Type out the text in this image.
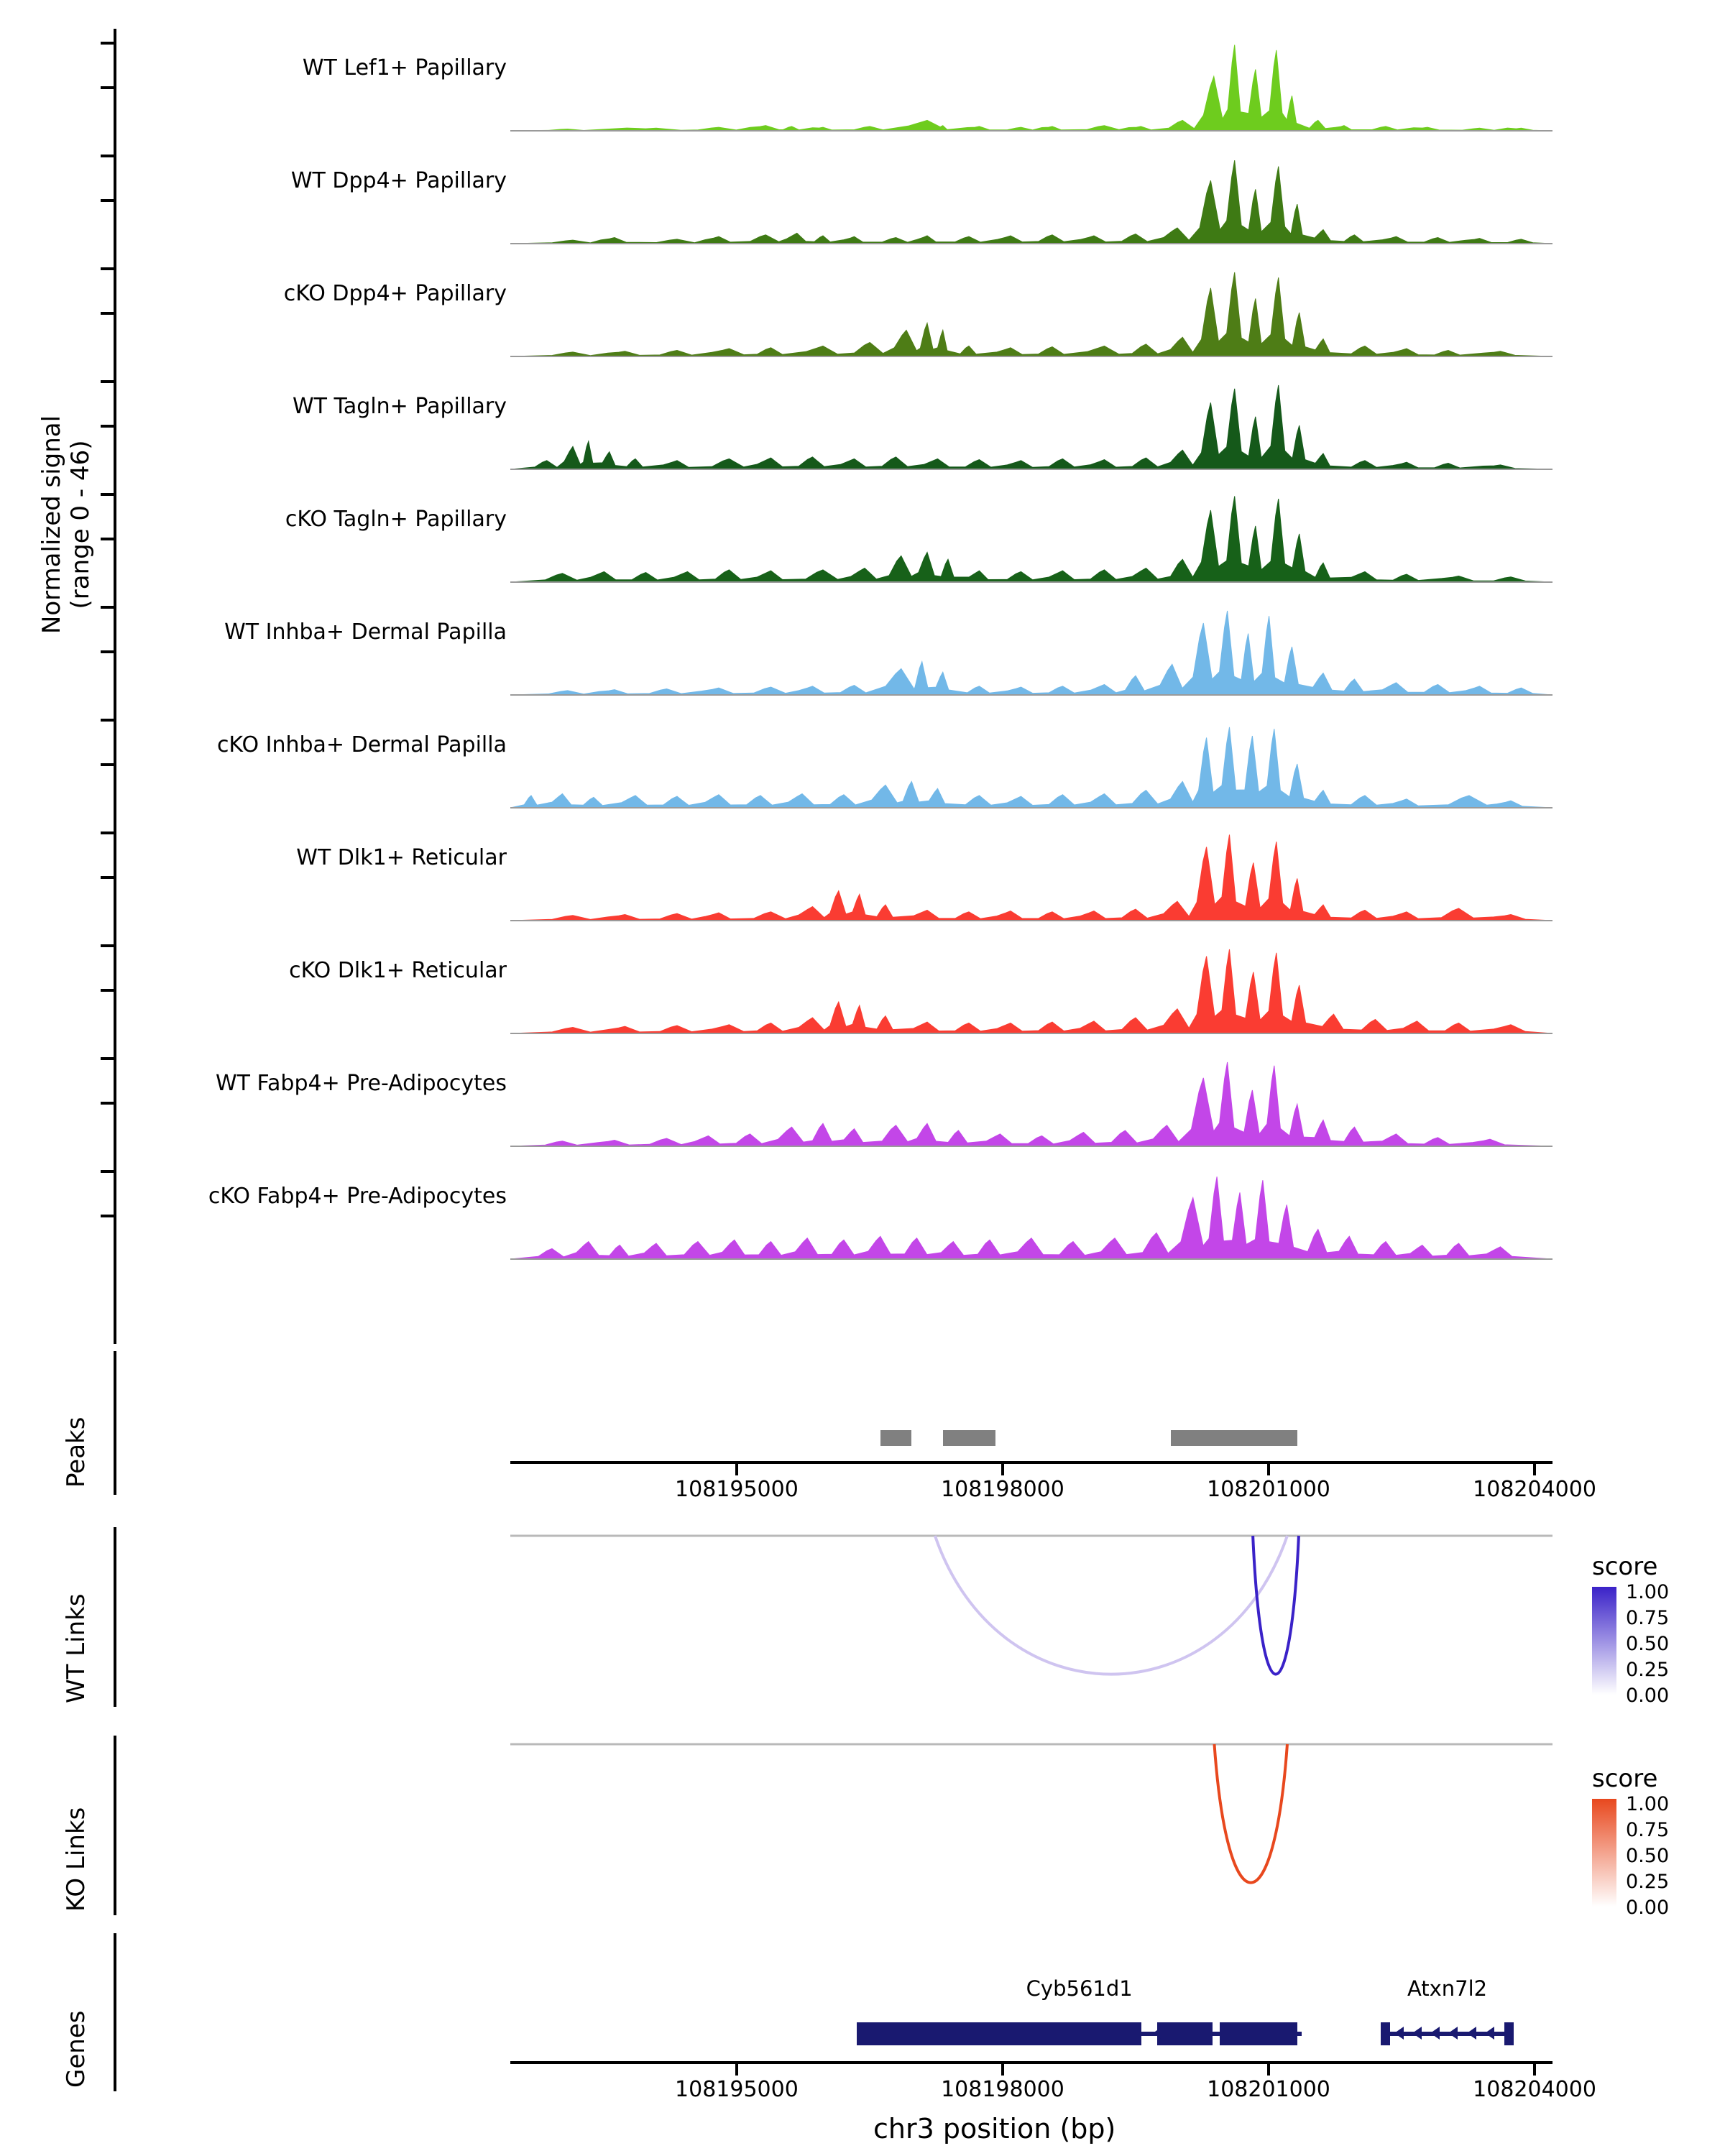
Normalized signal
(range 0 - 46)
WT Lef1+ Papillary
WT Dpp4+ Papillary
cKO Dpp4+ Papillary
WT Tagln+ Papillary
cKO Tagln+ Papillary
WT Inhba+ Dermal Papilla
cKO Inhba+ Dermal Papilla
WT Dlk1+ Reticular
cKO Dlk1+ Reticular
WT Fabp4+ Pre-Adipocytes
cKO Fabp4+ Pre-Adipocytes
Peaks
108195000	108198000	108201000	108204000
WT Links
KO Links
Genes
Cyb561d1	Atxn7l2
108195000	108198000	108201000	108204000
chr3 position (bp)
score
1.00
0.75
0.50
0.25
0.00
score
1.00
0.75
0.50
0.25
0.00
